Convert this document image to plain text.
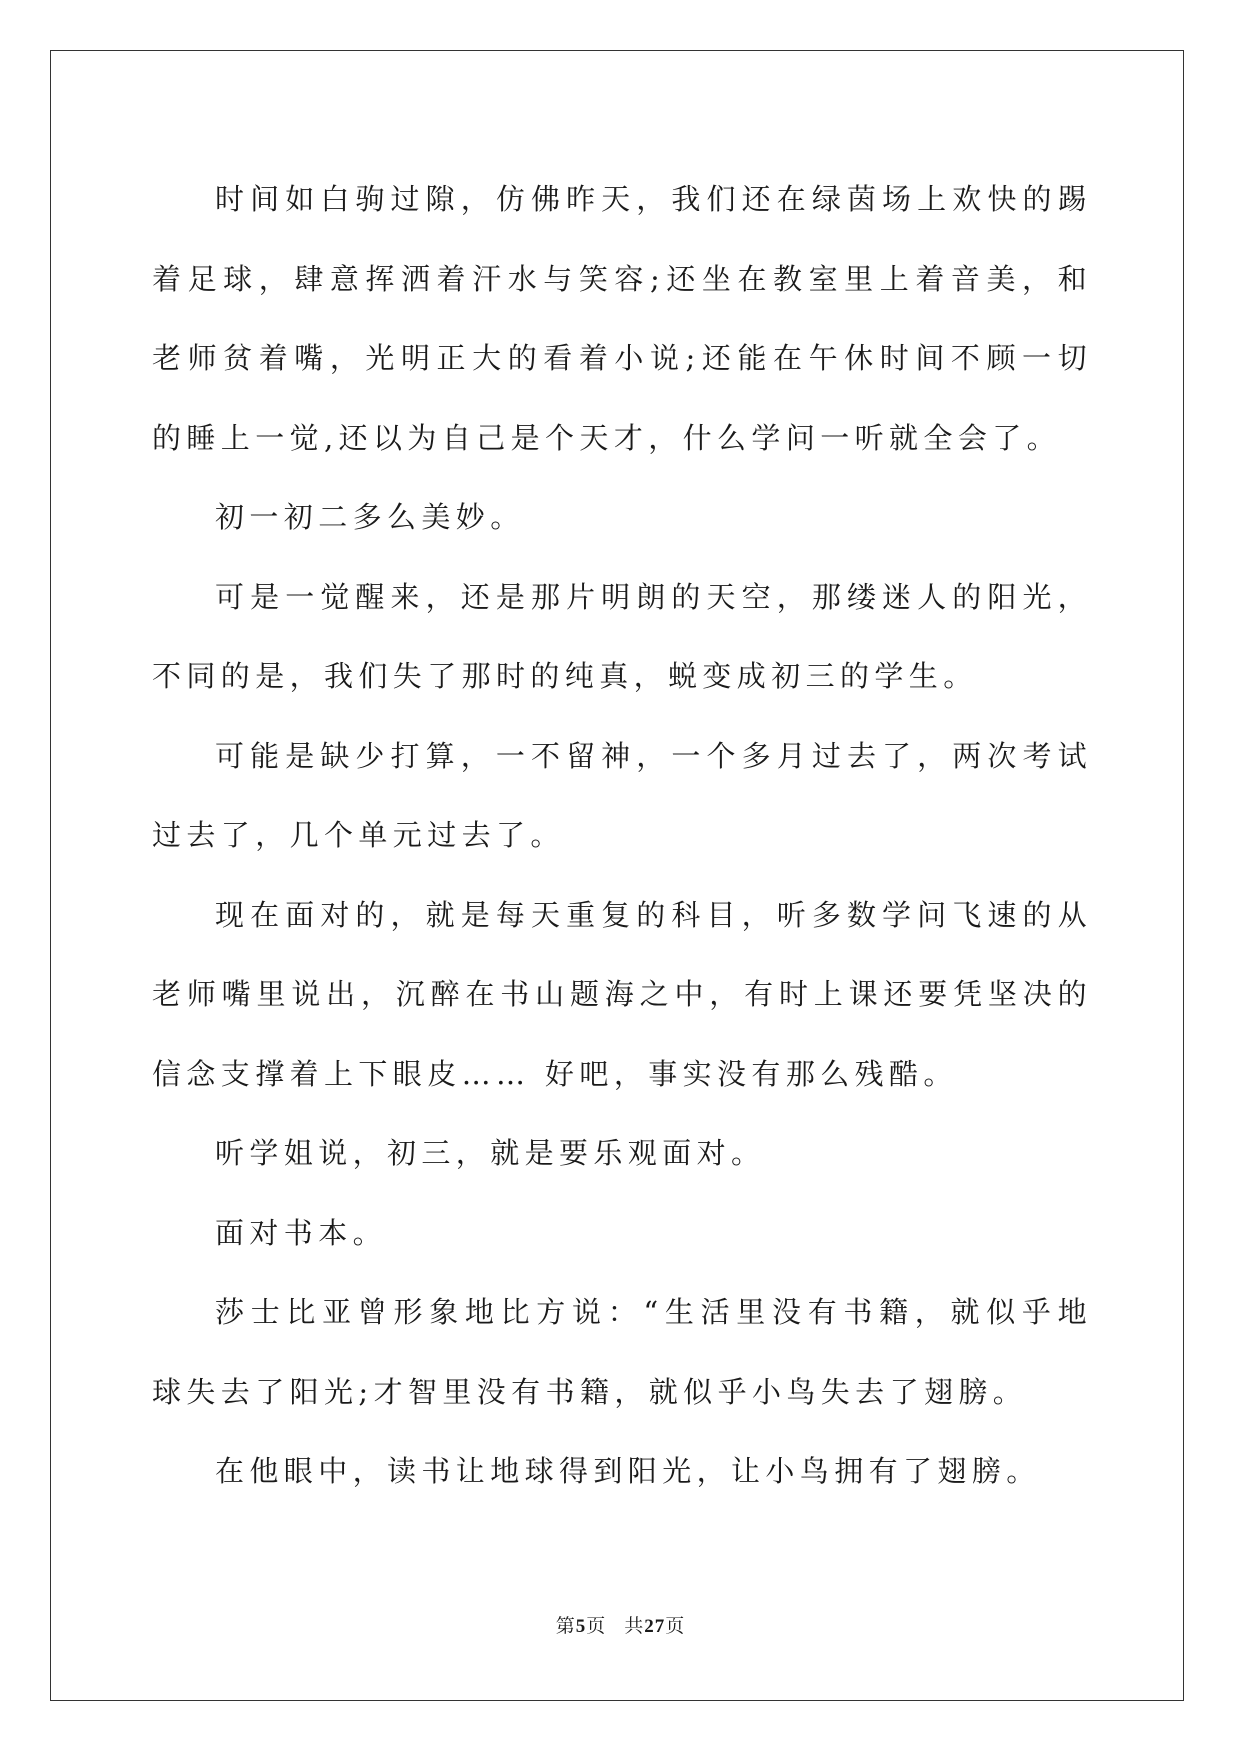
时间如白驹过隙，仿佛昨天，我们还在绿茵场上欢快的踢着足球，肆意挥洒着汗水与笑容;还坐在教室里上着音美，和老师贫着嘴，光明正大的看着小说;还能在午休时间不顾一切的睡上一觉,还以为自己是个天才，什么学问一听就全会了。

初一初二多么美妙。

可是一觉醒来，还是那片明朗的天空，那缕迷人的阳光，不同的是，我们失了那时的纯真，蜕变成初三的学生。

可能是缺少打算，一不留神，一个多月过去了，两次考试过去了，几个单元过去了。

现在面对的，就是每天重复的科目，听多数学问飞速的从老师嘴里说出，沉醉在书山题海之中，有时上课还要凭坚决的信念支撑着上下眼皮…… 好吧，事实没有那么残酷。

听学姐说，初三，就是要乐观面对。

面对书本。

莎士比亚曾形象地比方说：“生活里没有书籍，就似乎地球失去了阳光;才智里没有书籍，就似乎小鸟失去了翅膀。

在他眼中，读书让地球得到阳光，让小鸟拥有了翅膀。

第5页 共27页
